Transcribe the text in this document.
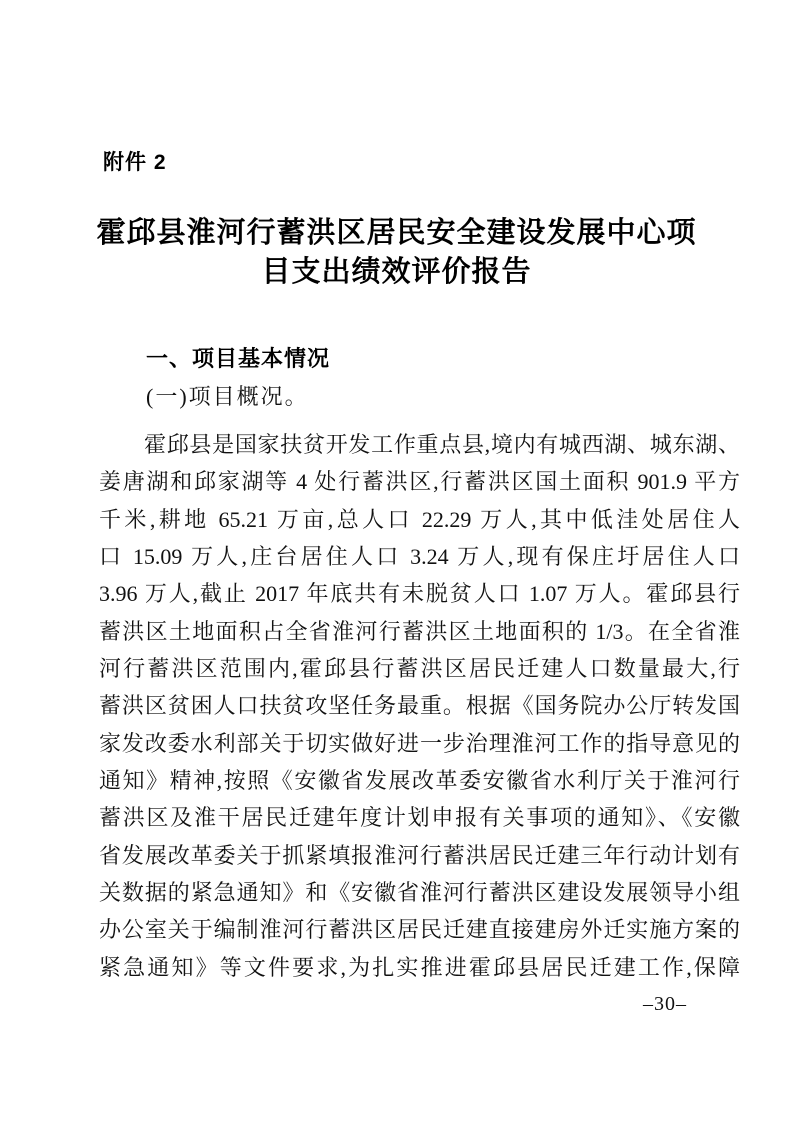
附件 2
霍邱县淮河行蓄洪区居民安全建设发展中心项
目支出绩效评价报告
一、项目基本情况
(一)项目概况。
霍邱县是国家扶贫开发工作重点县,境内有城西湖、城东湖、
姜唐湖和邱家湖等 4 处行蓄洪区,行蓄洪区国土面积 901.9 平方
千米,耕地 65.21 万亩,总人口 22.29 万人,其中低洼处居住人
口 15.09 万人,庄台居住人口 3.24 万人,现有保庄圩居住人口
3.96 万人,截止 2017 年底共有未脱贫人口 1.07 万人。霍邱县行
蓄洪区土地面积占全省淮河行蓄洪区土地面积的 1/3。在全省淮
河行蓄洪区范围内,霍邱县行蓄洪区居民迁建人口数量最大,行
蓄洪区贫困人口扶贫攻坚任务最重。根据《国务院办公厅转发国
家发改委水利部关于切实做好进一步治理淮河工作的指导意见的
通知》精神,按照《安徽省发展改革委安徽省水利厅关于淮河行
蓄洪区及淮干居民迁建年度计划申报有关事项的通知》、《安徽
省发展改革委关于抓紧填报淮河行蓄洪居民迁建三年行动计划有
关数据的紧急通知》和《安徽省淮河行蓄洪区建设发展领导小组
办公室关于编制淮河行蓄洪区居民迁建直接建房外迁实施方案的
紧急通知》等文件要求,为扎实推进霍邱县居民迁建工作,保障
–30–
